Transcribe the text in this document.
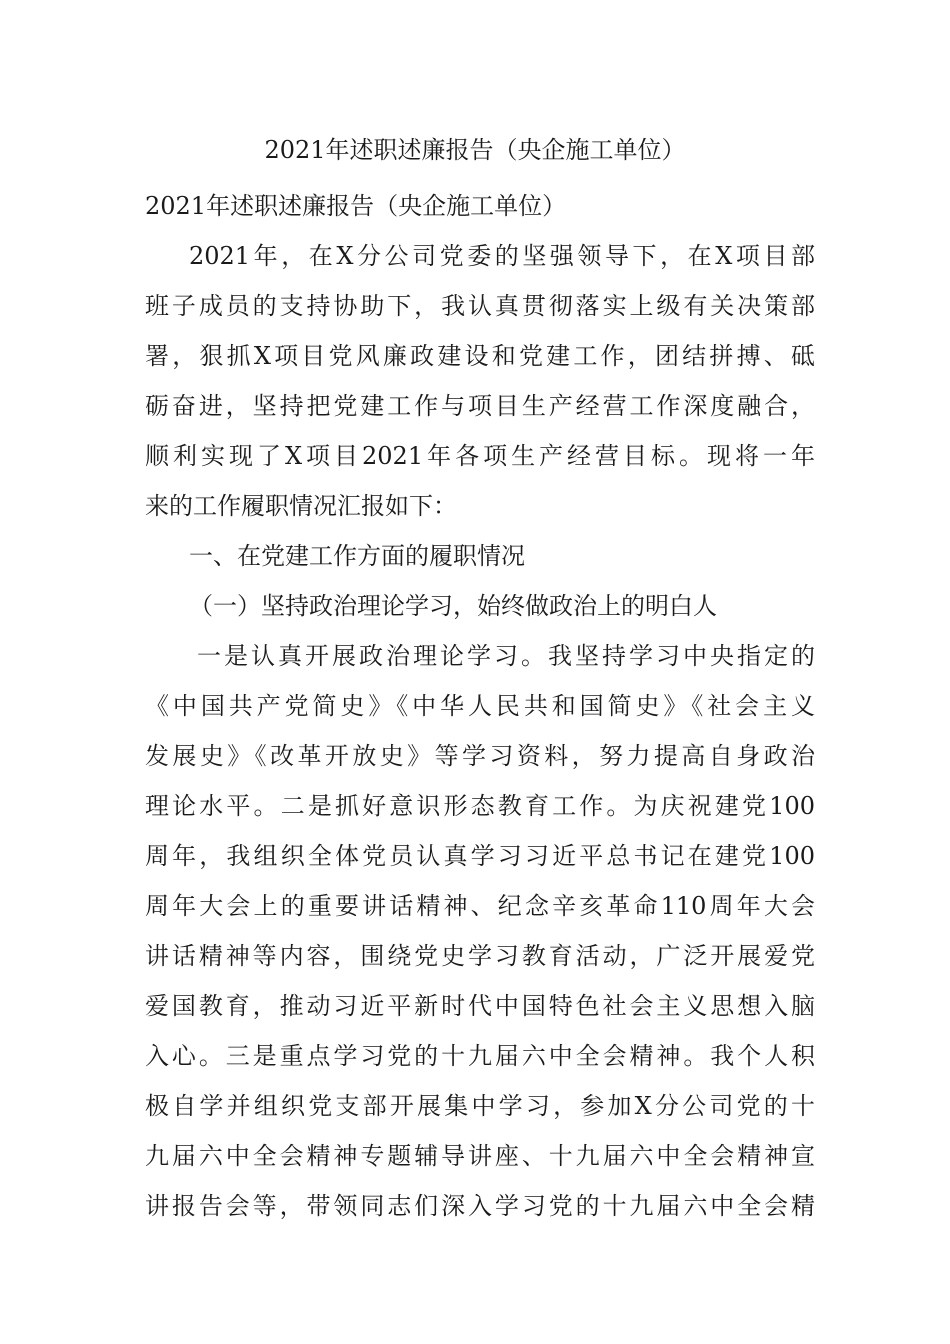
2021年述职述廉报告（央企施工单位）
2021年述职述廉报告（央企施工单位）
2021年，在X分公司党委的坚强领导下，在X项目部
班子成员的支持协助下，我认真贯彻落实上级有关决策部
署，狠抓X项目党风廉政建设和党建工作，团结拼搏、砥
砺奋进，坚持把党建工作与项目生产经营工作深度融合，
顺利实现了X项目2021年各项生产经营目标。现将一年
来的工作履职情况汇报如下：
一、在党建工作方面的履职情况
（一）坚持政治理论学习，始终做政治上的明白人
一是认真开展政治理论学习。我坚持学习中央指定的
《中国共产党简史》《中华人民共和国简史》《社会主义
发展史》《改革开放史》等学习资料，努力提高自身政治
理论水平。二是抓好意识形态教育工作。为庆祝建党100
周年，我组织全体党员认真学习习近平总书记在建党100
周年大会上的重要讲话精神、纪念辛亥革命110周年大会
讲话精神等内容，围绕党史学习教育活动，广泛开展爱党
爱国教育，推动习近平新时代中国特色社会主义思想入脑
入心。三是重点学习党的十九届六中全会精神。我个人积
极自学并组织党支部开展集中学习，参加X分公司党的十
九届六中全会精神专题辅导讲座、十九届六中全会精神宣
讲报告会等，带领同志们深入学习党的十九届六中全会精
